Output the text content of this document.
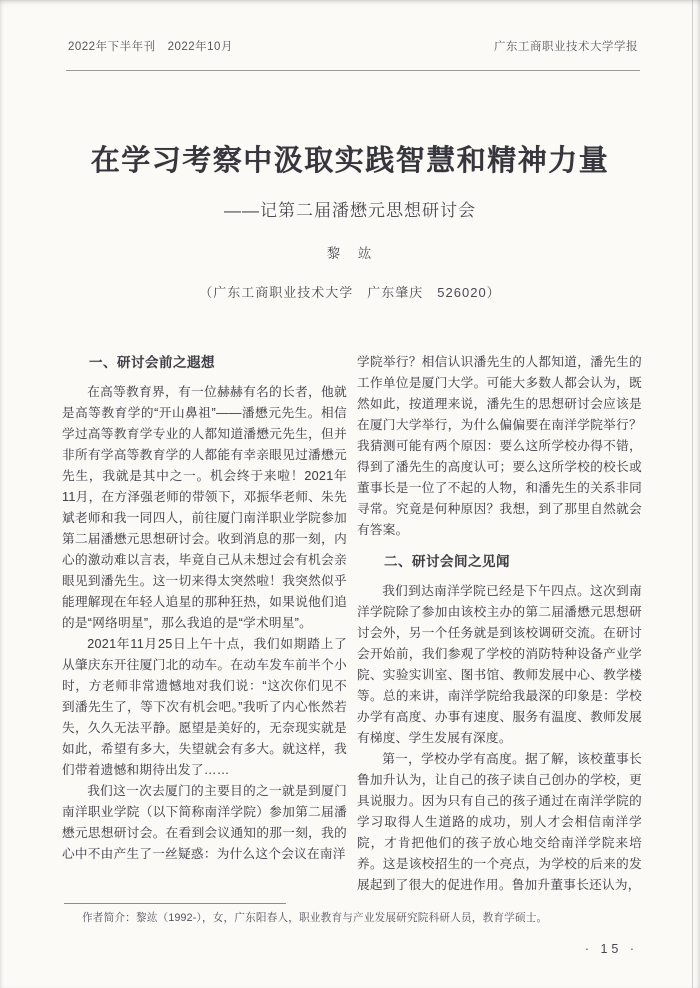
2022年下半年刊　2022年10月	广东工商职业技术大学学报
在学习考察中汲取实践智慧和精神力量
——记第二届潘懋元思想研讨会
黎　竑
（广东工商职业技术大学　广东肇庆　526020）
一、研讨会前之遐想

在高等教育界，有一位赫赫有名的长者，他就是高等教育学的“开山鼻祖”——潘懋元先生。相信学过高等教育学专业的人都知道潘懋元先生，但并非所有学高等教育学的人都能有幸亲眼见过潘懋元先生，我就是其中之一。机会终于来啦！2021年11月，在方泽强老师的带领下，邓振华老师、朱先斌老师和我一同四人，前往厦门南洋职业学院参加第二届潘懋元思想研讨会。收到消息的那一刻，内心的激动难以言表，毕竟自己从未想过会有机会亲眼见到潘先生。这一切来得太突然啦！我突然似乎能理解现在年轻人追星的那种狂热，如果说他们追的是“网络明星”，那么我追的是“学术明星”。

2021年11月25日上午十点，我们如期踏上了从肇庆东开往厦门北的动车。在动车发车前半个小时，方老师非常遗憾地对我们说：“这次你们见不到潘先生了，等下次有机会吧。”我听了内心怅然若失，久久无法平静。愿望是美好的，无奈现实就是如此，希望有多大，失望就会有多大。就这样，我们带着遗憾和期待出发了……

我们这一次去厦门的主要目的之一就是到厦门南洋职业学院（以下简称南洋学院）参加第二届潘懋元思想研讨会。在看到会议通知的那一刻，我的心中不由产生了一丝疑惑：为什么这个会议在南洋

学院举行？相信认识潘先生的人都知道，潘先生的工作单位是厦门大学。可能大多数人都会认为，既然如此，按道理来说，潘先生的思想研讨会应该是在厦门大学举行，为什么偏偏要在南洋学院举行？我猜测可能有两个原因：要么这所学校办得不错，得到了潘先生的高度认可；要么这所学校的校长或董事长是一位了不起的人物，和潘先生的关系非同寻常。究竟是何种原因？我想，到了那里自然就会有答案。

二、研讨会间之见闻

我们到达南洋学院已经是下午四点。这次到南洋学院除了参加由该校主办的第二届潘懋元思想研讨会外，另一个任务就是到该校调研交流。在研讨会开始前，我们参观了学校的消防特种设备产业学院、实验实训室、图书馆、教师发展中心、教学楼等。总的来讲，南洋学院给我最深的印象是：学校办学有高度、办事有速度、服务有温度、教师发展有梯度、学生发展有深度。

第一，学校办学有高度。据了解，该校董事长鲁加升认为，让自己的孩子读自己创办的学校，更具说服力。因为只有自己的孩子通过在南洋学院的学习取得人生道路的成功，别人才会相信南洋学院，才肯把他们的孩子放心地交给南洋学院来培养。这是该校招生的一个亮点，为学校的后来的发展起到了很大的促进作用。鲁加升董事长还认为，

作者简介：黎竑（1992-），女，广东阳春人，职业教育与产业发展研究院科研人员，教育学硕士。
· 15 ·
